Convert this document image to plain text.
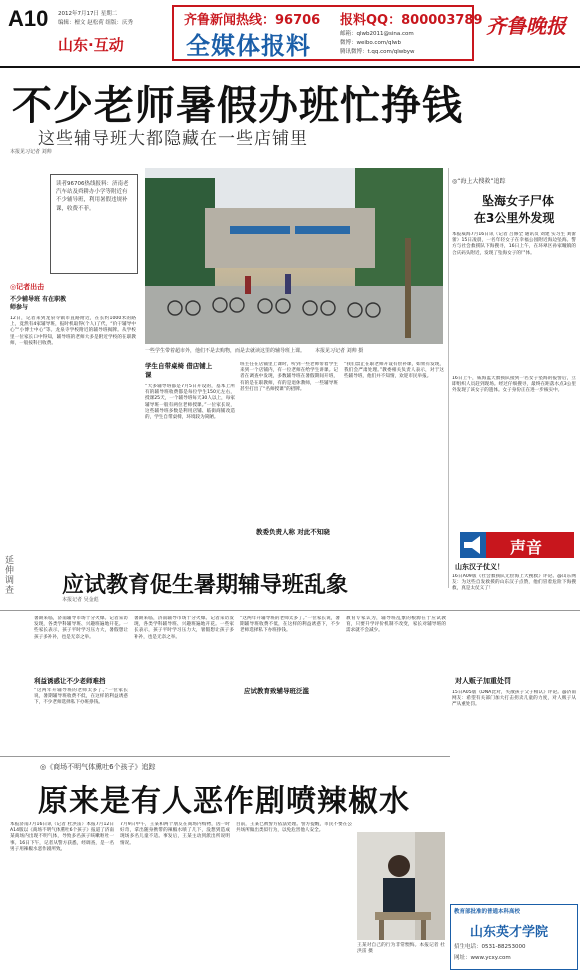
A10 2012年7月17日 星期二
编辑：檀文 赵松荷 组版：庆秀
山东·互动
齐鲁新闻热线：96706
全媒体报料
报料QQ：800003789
邮箱：qlwb2011@sina.com
微博：weibo.com/qlwb
腾讯微博：t.qq.com/qlwbyw
齐鲁晚报
不少老师暑假办班忙挣钱
这些辅导班大都隐藏在一些店铺里
本报见习记者 刘帅
读者96706热线报料：济南老汽车站及舜耕办小学等附近有不少辅导班，利用暑假违规补课，收费不菲。
一些学生带着超市外，他们不是去购物，而是去就读这里的辅导班上课。 本报见习记者 刘帅 摄
◎记者出击
不少辅导班 有在职教师参与
12日，记者来到龙泉寺镇市直路附近，在长约1000米的路上，竟然有4家辅导班，报时机取得(个人)了代，“价干辅导中心”“小博士中心”等。龙泉寺学校附近的辅导班揭牌。从学校里一位家长口中得知，辅导班的老师大多是附近学校的在职教师，一般按科目收费。
学生自带桌椅 借店铺上课
“大多辅导班都是7月5日开设的，基本上所有的辅导班收费都是每位学生150元左右，授课25天，一个辅导班每天30人以上，每家辅导班一般有两位老师授课。”一位家长说，这些辅导班多数是利用店铺、临街商铺改造的，学生自带桌椅，环境较为简陋。
班主任在店铺里上课时，听到一些老师带着学生来到一个店铺内，有一位老师在给学生讲课。记者在调查中发现，多数辅导班在暑假期间开班，有的是在职教师，有的是退休教师，一些辅导班甚至打出了“名师授课”的招牌。
教委负责人称 对此不知晓
“我们禁止在职老师开设有偿补课，如果有发现，我们会严肃处理。”教委相关负责人表示，对于这些辅导班，他们并不知情，欢迎市民举报。
◎“海上大搜救”追踪
坠海女子尸体
在3公里外发现
本报威海7月16日讯（记者 吕修全 通讯员 刘建 实习生 刘蕾蕾）15日凌晨，一名年轻女子在幸福公园附近海边坠海。警方与社会救援队下海搜寻，16日上午，在环翠区孙家疃镇的合庆码头附近，发现了坠海女子的尸体。
16日上午，威海蓝天救援队接到一名女子坠海的报警后，立即组织人员赶到现场。经过仔细搜寻，最终在距落水点3公里外发现了该女子的遗体。女子身份正在进一步核实中。
声音
山东汉子仗义！
16日A09版《社会救援队无偿海上大搜救》评论。@山东网友：为这些自发救援的山东汉子点赞，他们冒着危险下海搜救，真是太仗义了！
对人贩子加重处罚
15日A05版《DNA比对，失散孩子父子相认》评论。@济南网友：希望有关部门加大打击拐卖儿童的力度，对人贩子从严从重处罚。
延伸调查 应试教育促生暑期辅导班乱象
本报记者 吴金彪
暑期来临，济南辅导市场十分火爆。记者采访发现，各类学科辅导班、兴趣班遍地开花。一些家长表示，孩子平时学习压力大，暑假想让孩子多补补，也是无奈之举。
利益诱惑让不少老师难挡
“这两年开辅导班的老师太多了。”一位家长说，暑期辅导班收费不低，在这样的利益诱惑下，不少老师选择私下办班挣钱。
暑期来临，济南辅导市场十分火爆。记者采访发现，各类学科辅导班、兴趣班遍地开花。一些家长表示，孩子平时学习压力大，暑假想让孩子多补补，也是无奈之举。
“这两年开辅导班的老师太多了。”一位家长说，暑期辅导班收费不低，在这样的利益诱惑下，不少老师选择私下办班挣钱。
应试教育致辅导班泛滥
教育专家认为，辅导班乱象的根源在于应试教育，只要升学评价机制不改变，家长对辅导班的需求就不会减少。
◎《商场不明气体熏吐6个孩子》追踪
原来是有人恶作剧喷辣椒水
本报济南7月16日讯（记者 杜洪雷）本报7月12日A14版以《商场不明气体熏吐6个孩子》报道了济南某商场内出现不明气体，导致多名孩子咳嗽呕吐一事。16日下午，记者从警方获悉，经调查，是一名男子用辣椒水恶作剧所致。
7月9日中午，王某和两个朋友在商场内购物，因一时好奇，拿出随身携带的辣椒水喷了几下，没想到造成现场多名儿童不适。事发后，王某主动到派出所说明情况。
目前，王某已被警方依法处理。警方提醒，市民不要在公共场所做出类似行为，以免危害他人安全。
王某对自己的行为非常懊悔。本报记者 杜洪雷 摄
教育部批准的普通本科高校
山东英才学院
招生电话：0531-88253000
网址：www.ycxy.com
